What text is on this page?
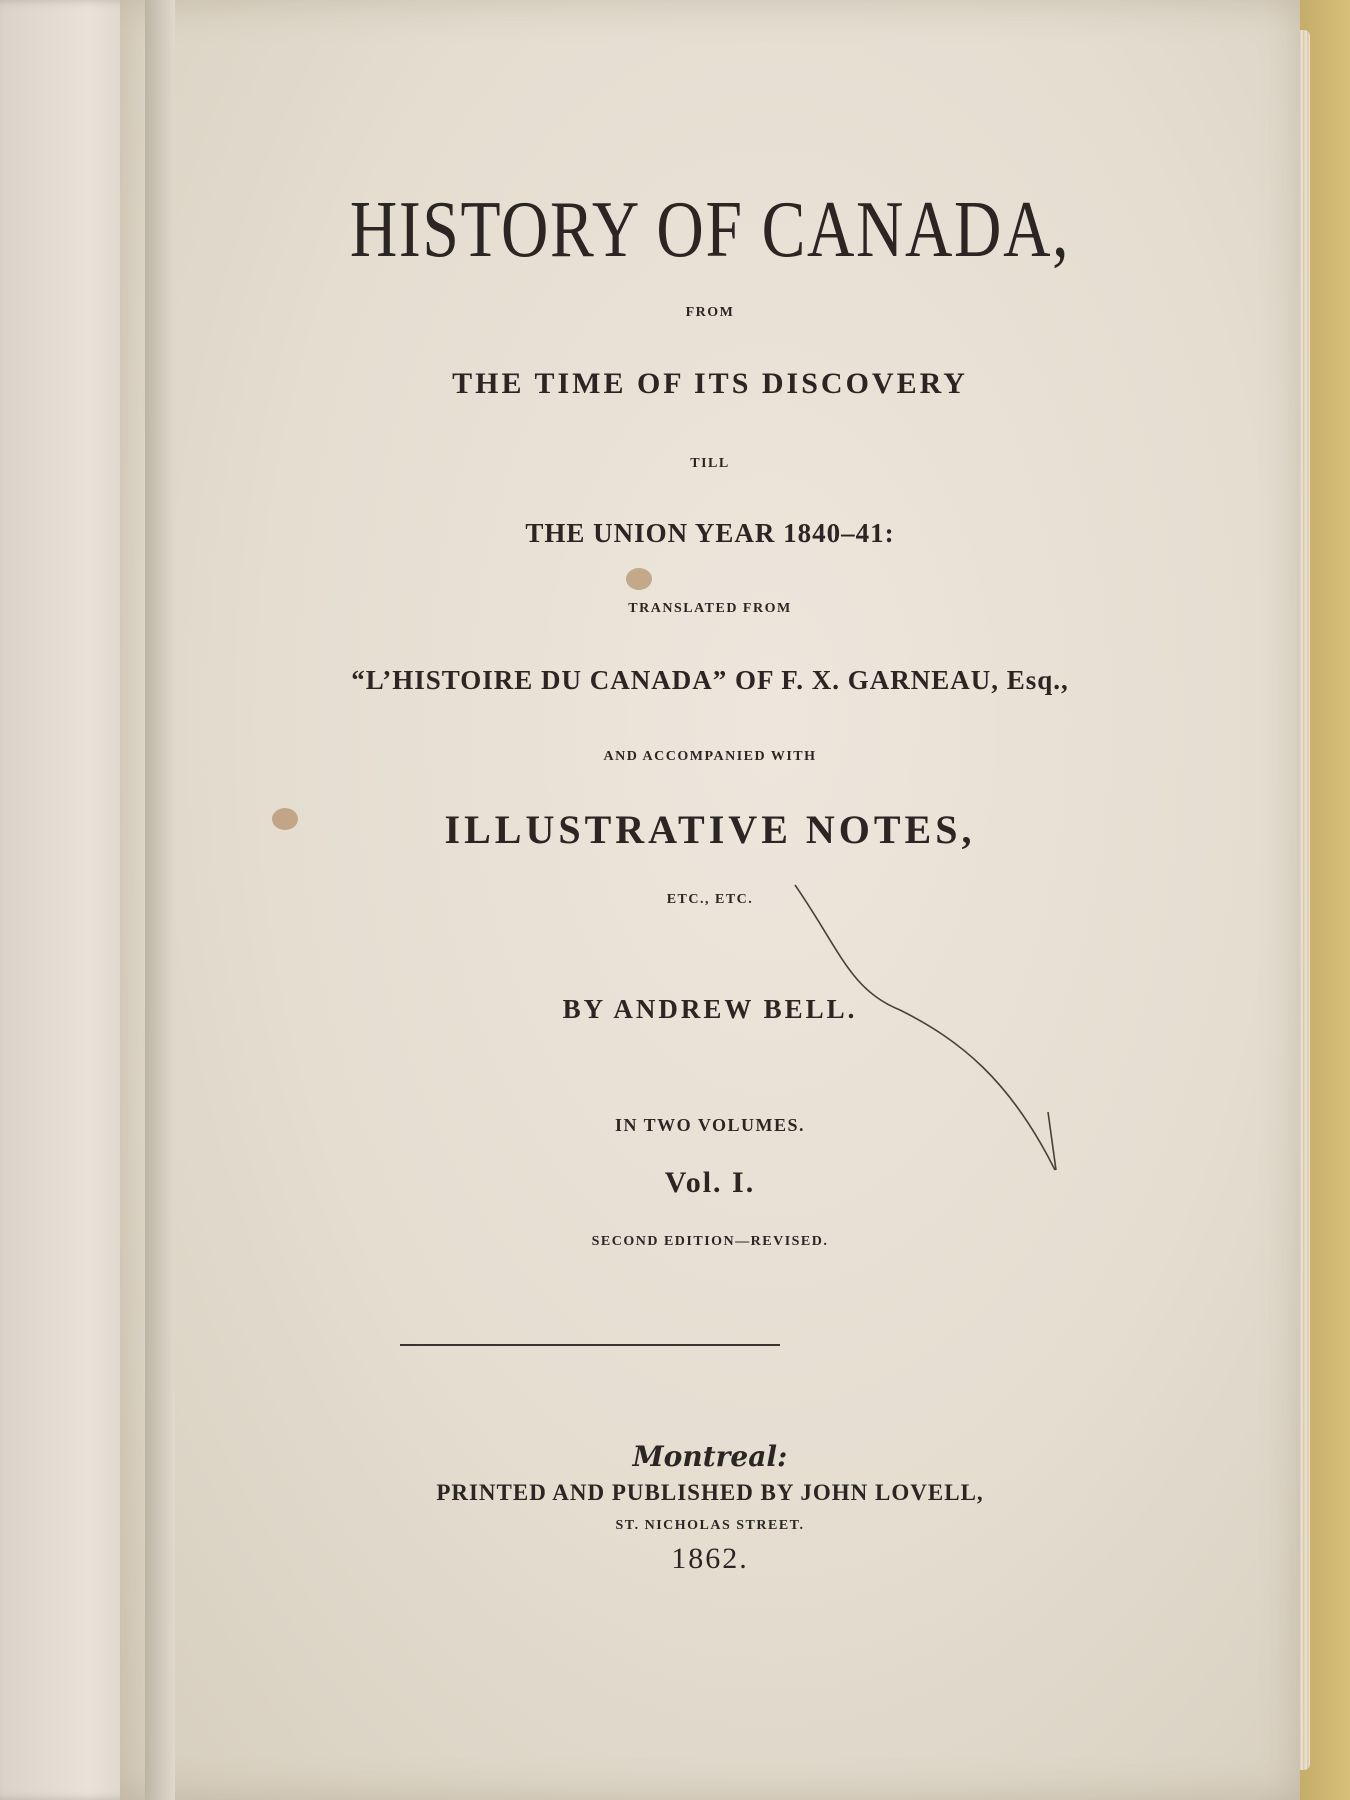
HISTORY OF CANADA,
FROM
THE TIME OF ITS DISCOVERY
TILL
THE UNION YEAR 1840–41:
TRANSLATED FROM
“L’HISTOIRE DU CANADA” OF F. X. GARNEAU, Esq.,
AND ACCOMPANIED WITH
ILLUSTRATIVE NOTES,
ETC., ETC.
BY ANDREW BELL.
IN TWO VOLUMES.
Vol. I.
SECOND EDITION—REVISED.
Montreal:
PRINTED AND PUBLISHED BY JOHN LOVELL,
ST. NICHOLAS STREET.
1862.
